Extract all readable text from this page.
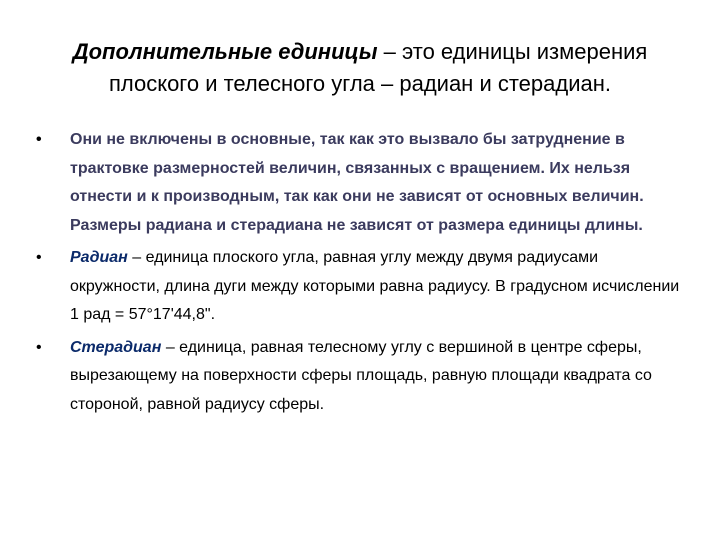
Дополнительные единицы – это единицы измерения плоского и телесного угла – радиан и стерадиан.
•	Они не включены в основные, так как это вызвало бы затруднение в трактовке размерностей величин, связанных с вращением. Их нельзя отнести и к производным, так как они не зависят от основных величин. Размеры радиана и стерадиана не зависят от размера единицы длины.
•	Радиан – единица плоского угла, равная углу между двумя радиусами окружности, длина дуги между которыми равна радиусу. В градусном исчислении 1 рад = 57°17'44,8".
•	Стерадиан – единица, равная телесному углу с вершиной в центре сферы, вырезающему на поверхности сферы площадь, равную площади квадрата со стороной, равной радиусу сферы.
